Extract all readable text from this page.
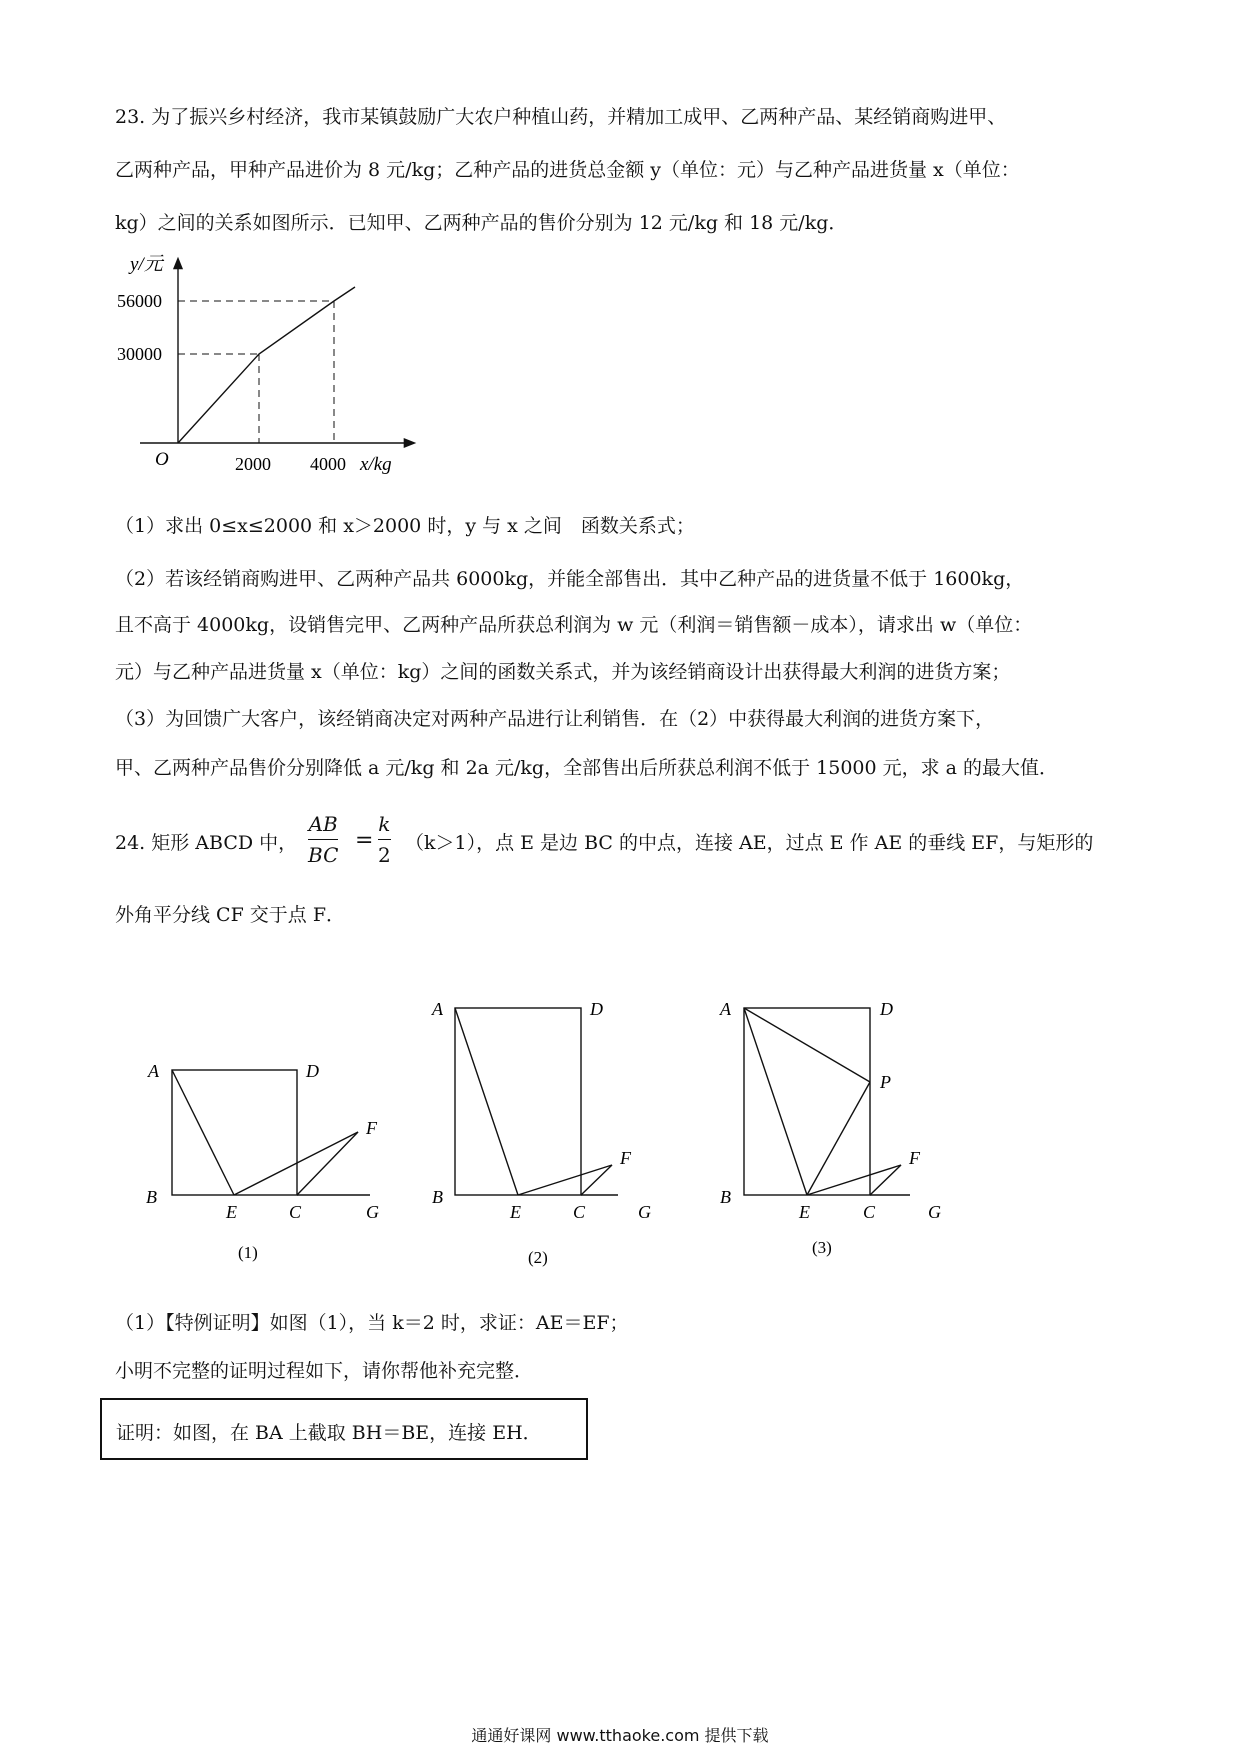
23. 为了振兴乡村经济，我市某镇鼓励广大农户种植山药，并精加工成甲、乙两种产品、某经销商购进甲、
乙两种产品，甲种产品进价为 8 元/kg；乙种产品的进货总金额 y（单位：元）与乙种产品进货量 x（单位：
kg）之间的关系如图所示．已知甲、乙两种产品的售价分别为 12 元/kg 和 18 元/kg．
y/元
56000
30000
O	2000 4000 x/kg
（1）求出 0≤x≤2000 和 x＞2000 时，y 与 x 之间　函数关系式；
（2）若该经销商购进甲、乙两种产品共 6000kg，并能全部售出．其中乙种产品的进货量不低于 1600kg，
且不高于 4000kg，设销售完甲、乙两种产品所获总利润为 w 元（利润＝销售额－成本），请求出 w（单位：
元）与乙种产品进货量 x（单位：kg）之间的函数关系式，并为该经销商设计出获得最大利润的进货方案；
（3）为回馈广大客户，该经销商决定对两种产品进行让利销售．在（2）中获得最大利润的进货方案下，
甲、乙两种产品售价分别降低 a 元/kg 和 2a 元/kg，全部售出后所获总利润不低于 15000 元，求 a 的最大值．
24. 矩形 ABCD 中，
AB
BC
=
k
2
（k＞1），点 E 是边 BC 的中点，连接 AE，过点 E 作 AE 的垂线 EF，与矩形的
外角平分线 CF 交于点 F．
A	D
B
E	C	G
F
(1)
A	D
B
E	C	G
F
(2)
A	D
P
B
E	C	G
F
(3)
（1）【特例证明】如图（1），当 k＝2 时，求证：AE＝EF；
小明不完整的证明过程如下，请你帮他补充完整．
证明：如图，在 BA 上截取 BH＝BE，连接 EH．
通通好课网 www.tthaoke.com 提供下载
